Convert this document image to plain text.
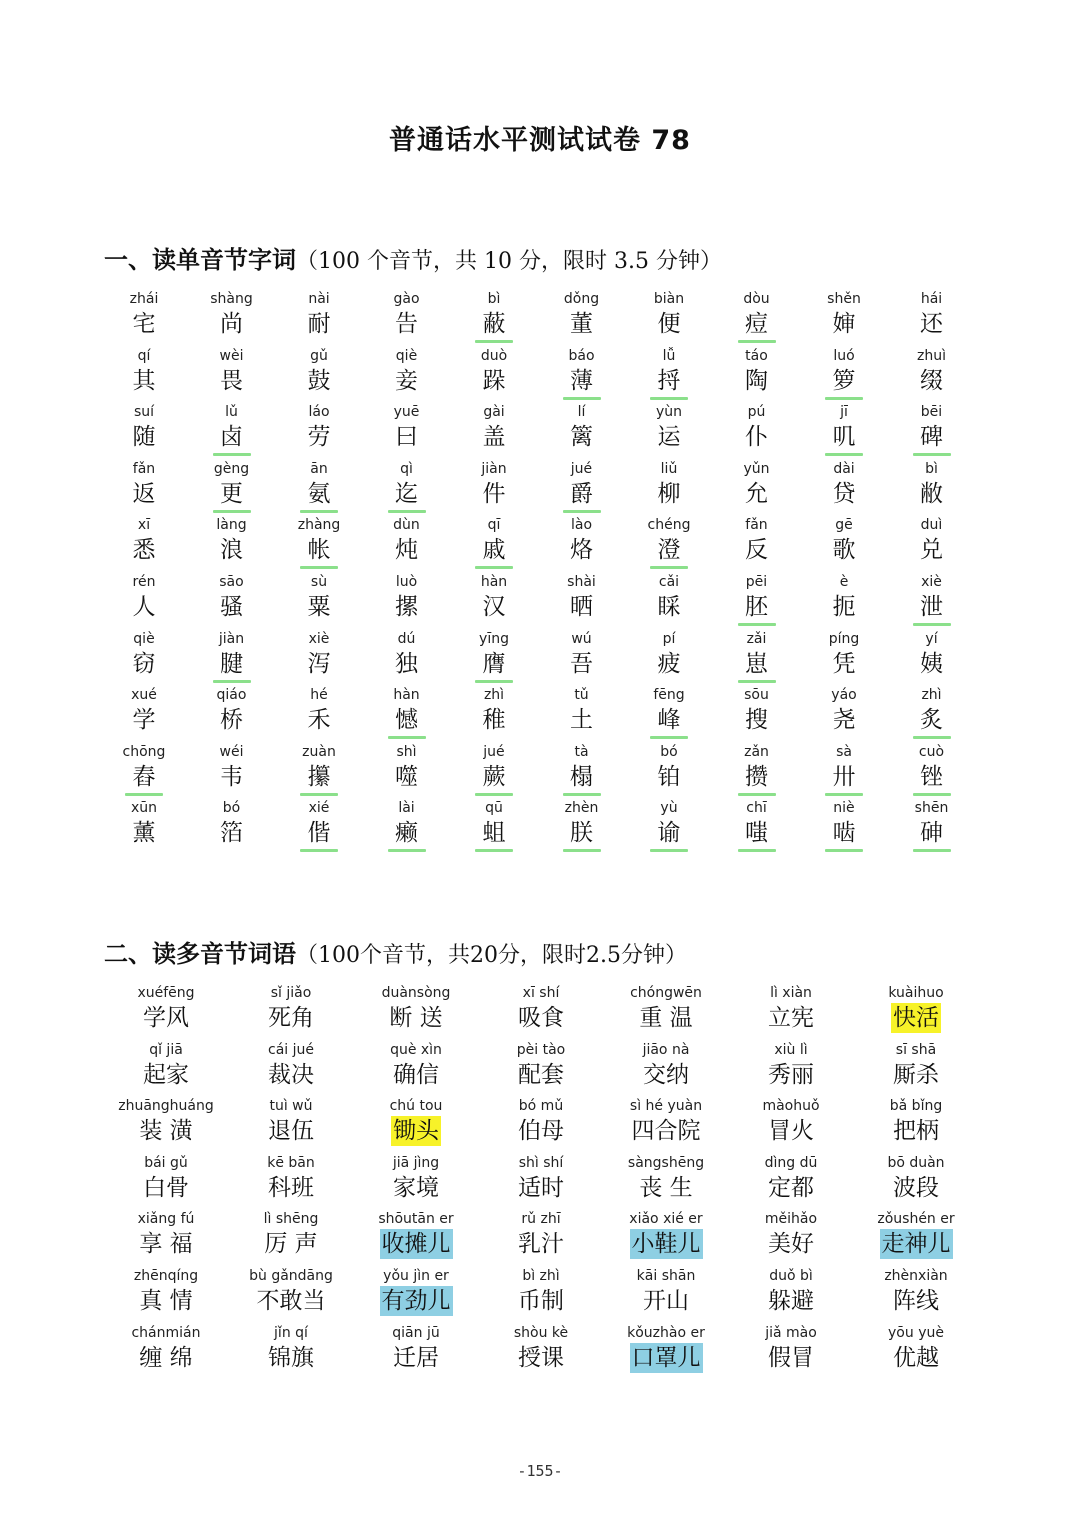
普通话水平测试试卷 78
一、读单音节字词（100 个音节，共 10 分，限时 3.5 分钟）
zhái
宅
shàng
尚
nài
耐
gào
告
bì
蔽
dǒng
董
biàn
便
dòu
痘
shěn
婶
hái
还
qí
其
wèi
畏
gǔ
鼓
qiè
妾
duò
跺
báo
薄
lǚ
捋
táo
陶
luó
箩
zhuì
缀
suí
随
lǔ
卤
láo
劳
yuē
曰
gài
盖
lí
篱
yùn
运
pú
仆
jī
叽
bēi
碑
fǎn
返
gèng
更
ān
氨
qì
迄
jiàn
件
jué
爵
liǔ
柳
yǔn
允
dài
贷
bì
敝
xī
悉
làng
浪
zhàng
帐
dùn
炖
qī
戚
lào
烙
chéng
澄
fǎn
反
gē
歌
duì
兑
rén
人
sāo
骚
sù
粟
luò
摞
hàn
汉
shài
晒
cǎi
睬
pēi
胚
è
扼
xiè
泄
qiè
窃
jiàn
腱
xiè
泻
dú
独
yīng
膺
wú
吾
pí
疲
zǎi
崽
píng
凭
yí
姨
xué
学
qiáo
桥
hé
禾
hàn
憾
zhì
稚
tǔ
土
fēng
峰
sōu
搜
yáo
尧
zhì
炙
chōng
舂
wéi
韦
zuàn
攥
shì
噬
jué
蕨
tà
榻
bó
铂
zǎn
攒
sà
卅
cuò
锉
xūn
薰
bó
箔
xié
偕
lài
癞
qū
蛆
zhèn
朕
yù
谕
chī
嗤
niè
啮
shēn
砷
二、读多音节词语（100个音节，共20分，限时2.5分钟）
xuéfēng
学风
sǐ jiǎo
死角
duànsòng
断 送
xī shí
吸食
chóngwēn
重 温
lì xiàn
立宪
kuàihuo
快活
qǐ jiā
起家
cái jué
裁决
què xìn
确信
pèi tào
配套
jiāo nà
交纳
xiù lì
秀丽
sī shā
厮杀
zhuānghuáng
装 潢
tuì wǔ
退伍
chú tou
锄头
bó mǔ
伯母
sì hé yuàn
四合院
màohuǒ
冒火
bǎ bǐng
把柄
bái gǔ
白骨
kē bān
科班
jiā jìng
家境
shì shí
适时
sàngshēng
丧 生
dìng dū
定都
bō duàn
波段
xiǎng fú
享 福
lì shēng
厉 声
shōutān er
收摊儿
rǔ zhī
乳汁
xiǎo xié er
小鞋儿
měihǎo
美好
zǒushén er
走神儿
zhēnqíng
真 情
bù gǎndāng
不敢当
yǒu jìn er
有劲儿
bì zhì
币制
kāi shān
开山
duǒ bì
躲避
zhènxiàn
阵线
chánmián
缠 绵
jǐn qí
锦旗
qiān jū
迁居
shòu kè
授课
kǒuzhào er
口罩儿
jiǎ mào
假冒
yōu yuè
优越
-155-
